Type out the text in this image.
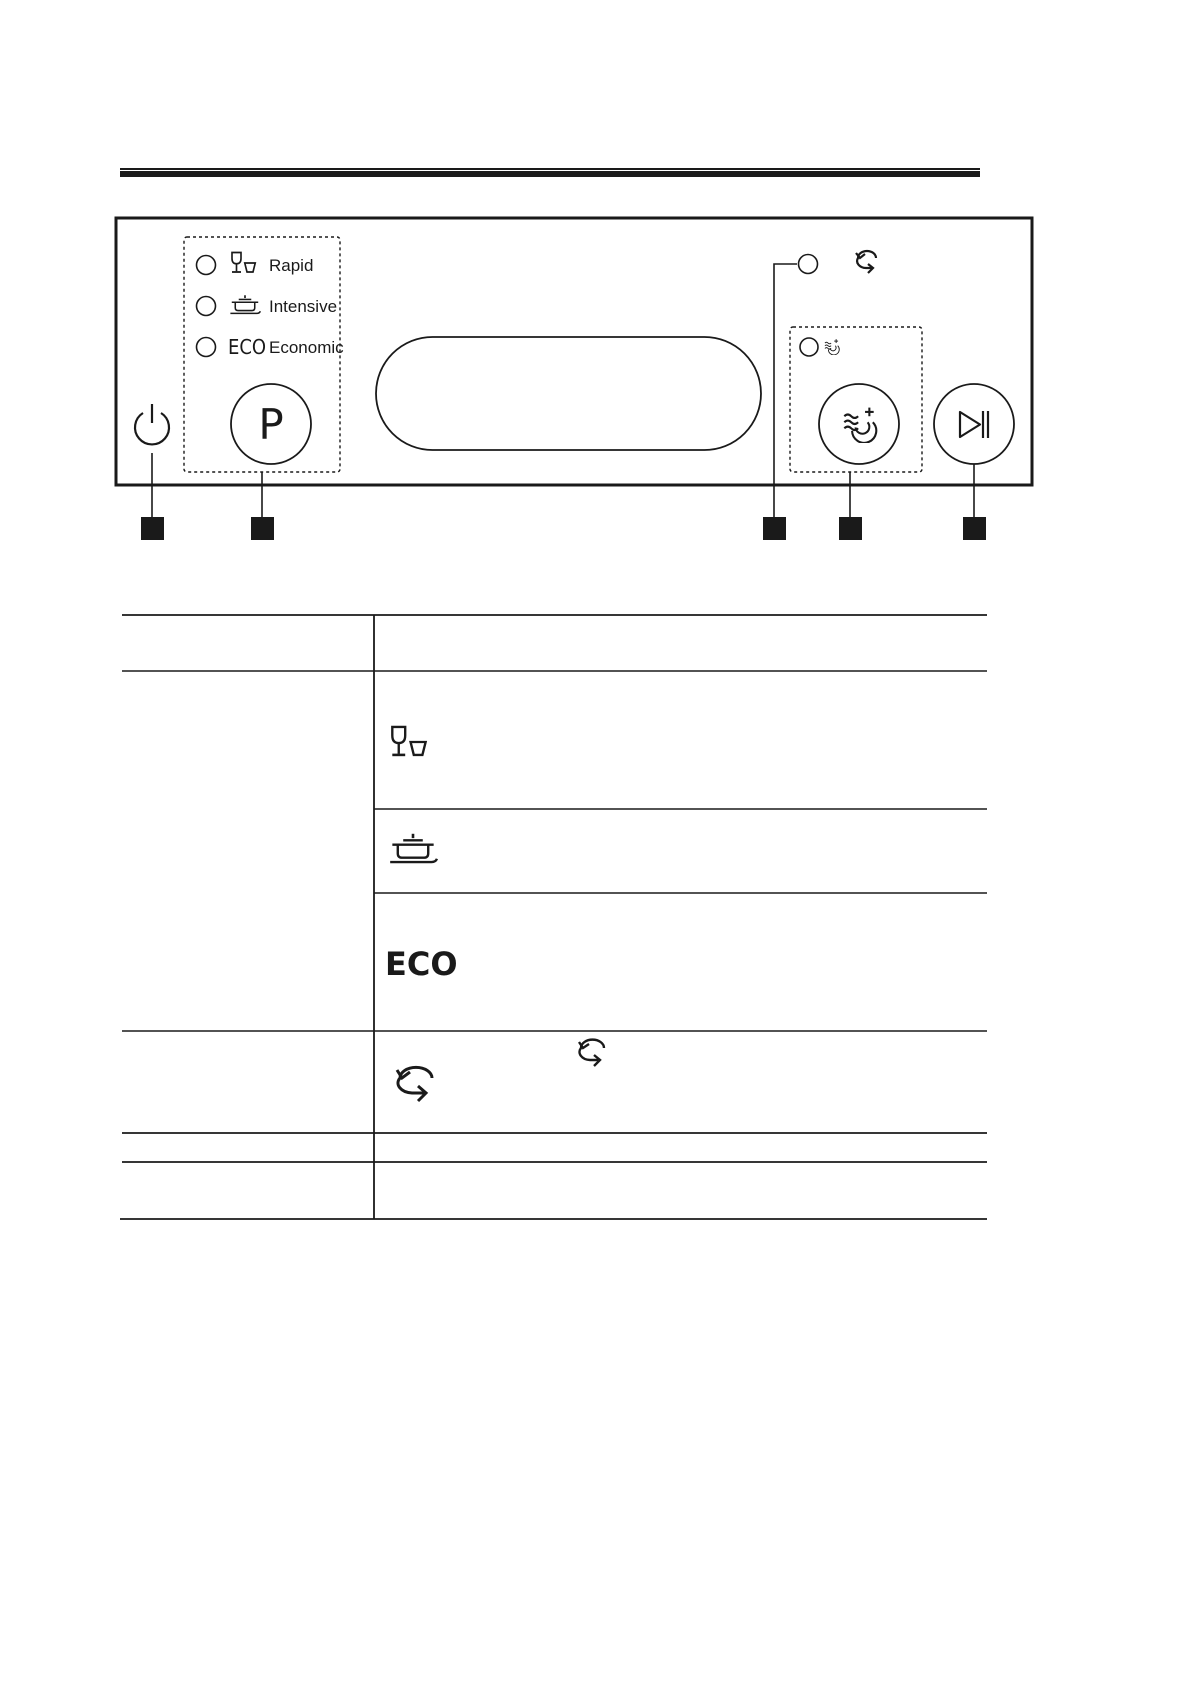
Rapid
Intensive
ECO Economic
P
ECO
